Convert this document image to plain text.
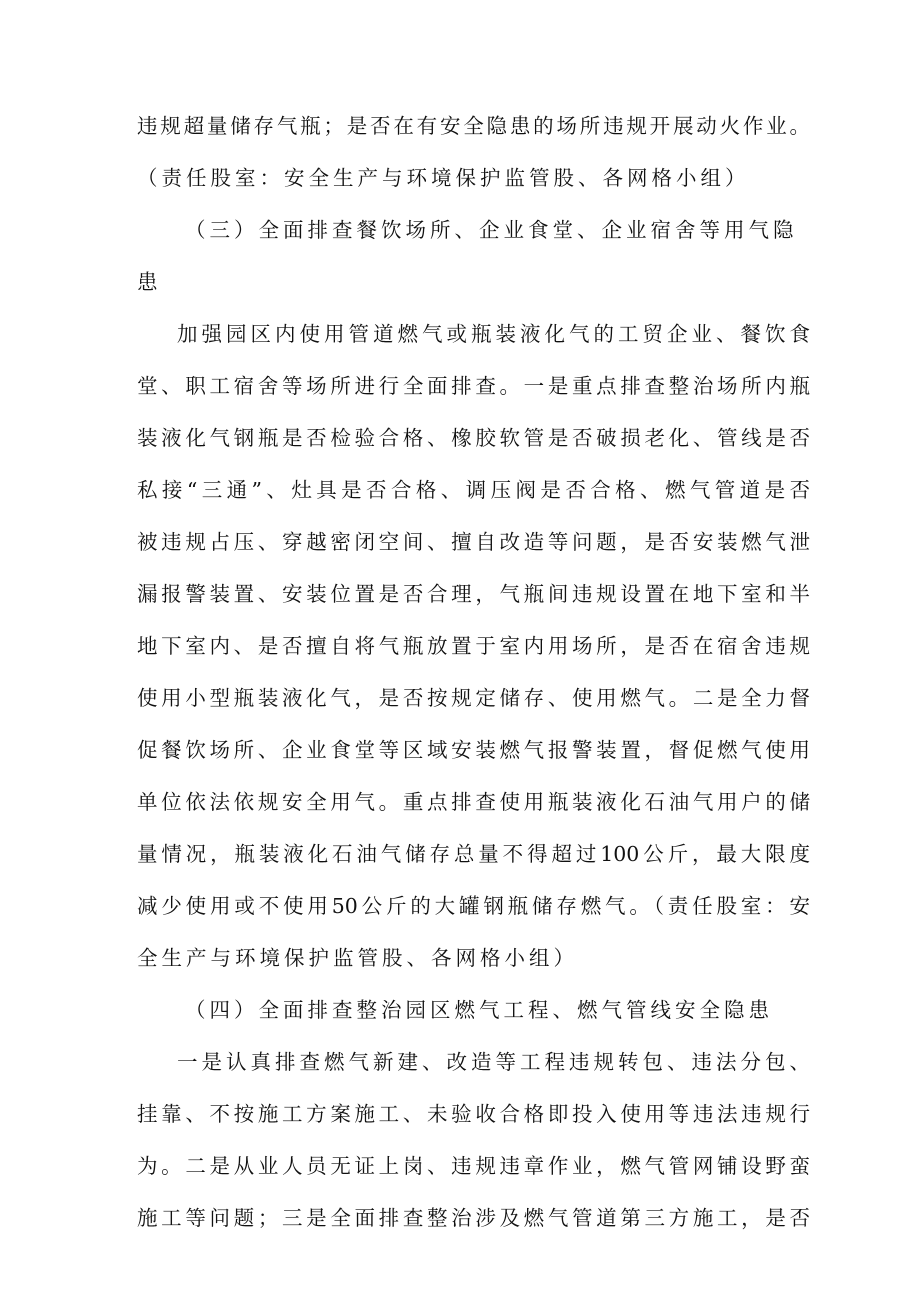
违规超量储存气瓶；是否在有安全隐患的场所违规开展动火作业。
（责任股室：安全生产与环境保护监管股、各网格小组）
（三）全面排查餐饮场所、企业食堂、企业宿舍等用气隐
患
加强园区内使用管道燃气或瓶装液化气的工贸企业、餐饮食
堂、职工宿舍等场所进行全面排查。一是重点排查整治场所内瓶
装液化气钢瓶是否检验合格、橡胶软管是否破损老化、管线是否
私接“三通”、灶具是否合格、调压阀是否合格、燃气管道是否
被违规占压、穿越密闭空间、擅自改造等问题，是否安装燃气泄
漏报警装置、安装位置是否合理，气瓶间违规设置在地下室和半
地下室内、是否擅自将气瓶放置于室内用场所，是否在宿舍违规
使用小型瓶装液化气，是否按规定储存、使用燃气。二是全力督
促餐饮场所、企业食堂等区域安装燃气报警装置，督促燃气使用
单位依法依规安全用气。重点排查使用瓶装液化石油气用户的储
量情况，瓶装液化石油气储存总量不得超过100公斤，最大限度
减少使用或不使用50公斤的大罐钢瓶储存燃气。（责任股室：安
全生产与环境保护监管股、各网格小组）
（四）全面排查整治园区燃气工程、燃气管线安全隐患
一是认真排查燃气新建、改造等工程违规转包、违法分包、
挂靠、不按施工方案施工、未验收合格即投入使用等违法违规行
为。二是从业人员无证上岗、违规违章作业，燃气管网铺设野蛮
施工等问题；三是全面排查整治涉及燃气管道第三方施工，是否
